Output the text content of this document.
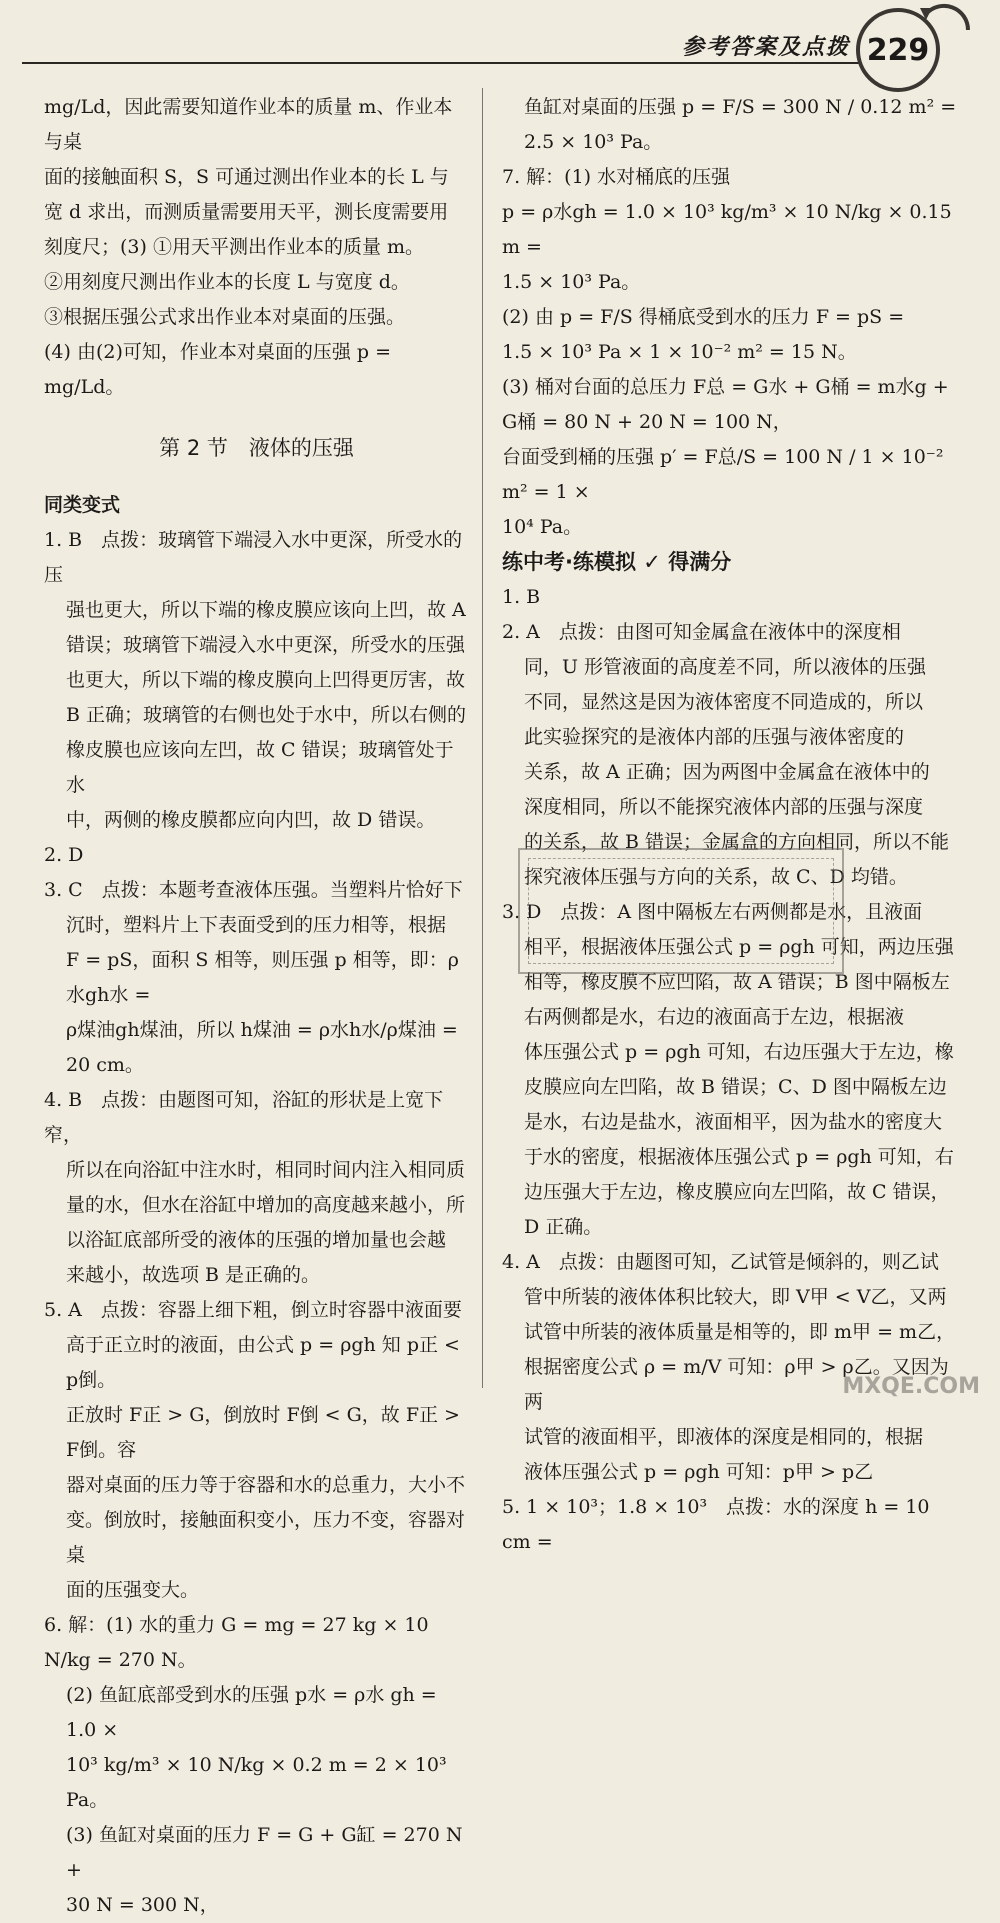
参考答案及点拨 229

mg/Ld，因此需要知道作业本的质量 m、作业本与桌

面的接触面积 S，S 可通过测出作业本的长 L 与

宽 d 求出，而测质量需要用天平，测长度需要用

刻度尺；(3) ①用天平测出作业本的质量 m。

②用刻度尺测出作业本的长度 L 与宽度 d。

③根据压强公式求出作业本对桌面的压强。

(4) 由(2)可知，作业本对桌面的压强 p = mg/Ld。

第 2 节　液体的压强

同类变式

1. B　点拨：玻璃管下端浸入水中更深，所受水的压

强也更大，所以下端的橡皮膜应该向上凹，故 A

错误；玻璃管下端浸入水中更深，所受水的压强

也更大，所以下端的橡皮膜向上凹得更厉害，故

B 正确；玻璃管的右侧也处于水中，所以右侧的

橡皮膜也应该向左凹，故 C 错误；玻璃管处于水

中，两侧的橡皮膜都应向内凹，故 D 错误。

2. D

3. C　点拨：本题考查液体压强。当塑料片恰好下

沉时，塑料片上下表面受到的压力相等，根据

F = pS，面积 S 相等，则压强 p 相等，即：ρ水gh水 =

ρ煤油gh煤油，所以 h煤油 = ρ水h水/ρ煤油 = 20 cm。

4. B　点拨：由题图可知，浴缸的形状是上宽下窄，

所以在向浴缸中注水时，相同时间内注入相同质

量的水，但水在浴缸中增加的高度越来越小，所

以浴缸底部所受的液体的压强的增加量也会越

来越小，故选项 B 是正确的。

5. A　点拨：容器上细下粗，倒立时容器中液面要

高于正立时的液面，由公式 p = ρgh 知 p正 < p倒。

正放时 F正 > G，倒放时 F倒 < G，故 F正 > F倒。容

器对桌面的压力等于容器和水的总重力，大小不

变。倒放时，接触面积变小，压力不变，容器对桌

面的压强变大。

6. 解：(1) 水的重力 G = mg = 27 kg × 10 N/kg = 270 N。

(2) 鱼缸底部受到水的压强 p水 = ρ水 gh = 1.0 ×

10³ kg/m³ × 10 N/kg × 0.2 m = 2 × 10³ Pa。

(3) 鱼缸对桌面的压力 F = G + G缸 = 270 N +

30 N = 300 N，

鱼缸对桌面的压强 p = F/S = 300 N / 0.12 m² = 2.5 × 10³ Pa。

7. 解：(1) 水对桶底的压强

p = ρ水gh = 1.0 × 10³ kg/m³ × 10 N/kg × 0.15 m =

1.5 × 10³ Pa。

(2) 由 p = F/S 得桶底受到水的压力 F = pS =

1.5 × 10³ Pa × 1 × 10⁻² m² = 15 N。

(3) 桶对台面的总压力 F总 = G水 + G桶 = m水g +

G桶 = 80 N + 20 N = 100 N，

台面受到桶的压强 p′ = F总/S = 100 N / 1 × 10⁻² m² = 1 ×

10⁴ Pa。

练中考·练模拟 ✓ 得满分

1. B

2. A　点拨：由图可知金属盒在液体中的深度相

同，U 形管液面的高度差不同，所以液体的压强

不同，显然这是因为液体密度不同造成的，所以

此实验探究的是液体内部的压强与液体密度的

关系，故 A 正确；因为两图中金属盒在液体中的

深度相同，所以不能探究液体内部的压强与深度

的关系，故 B 错误；金属盒的方向相同，所以不能

探究液体压强与方向的关系，故 C、D 均错。

3. D　点拨：A 图中隔板左右两侧都是水，且液面

相平，根据液体压强公式 p = ρgh 可知，两边压强

相等，橡皮膜不应凹陷，故 A 错误；B 图中隔板左

右两侧都是水，右边的液面高于左边，根据液

体压强公式 p = ρgh 可知，右边压强大于左边，橡

皮膜应向左凹陷，故 B 错误；C、D 图中隔板左边

是水，右边是盐水，液面相平，因为盐水的密度大

于水的密度，根据液体压强公式 p = ρgh 可知，右

边压强大于左边，橡皮膜应向左凹陷，故 C 错误，

D 正确。

4. A　点拨：由题图可知，乙试管是倾斜的，则乙试

管中所装的液体体积比较大，即 V甲 < V乙，又两

试管中所装的液体质量是相等的，即 m甲 = m乙，

根据密度公式 ρ = m/V 可知：ρ甲 > ρ乙。又因为两

试管的液面相平，即液体的深度是相同的，根据

液体压强公式 p = ρgh 可知：p甲 > p乙

5. 1 × 10³；1.8 × 10³　点拨：水的深度 h = 10 cm =

MXQE.COM
